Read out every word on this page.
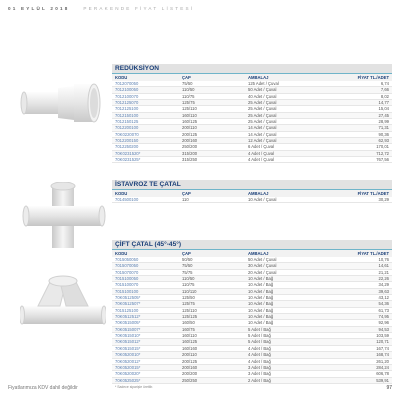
01 EYLÜL 2018	PERAKENDE FİYAT LİSTESİ
REDÜKSİYON
KODU	ÇAP	AMBALAJ	FİYAT TL./ADET
7012070050	75/50	125 Adet / Çuval	6,74
7012100050	110/50	50 Adet / Çuval	7,66
7012100070	110/75	40 Adet / Çuval	8,02
7012125070	125/75	25 Adet / Çuval	14,77
7012125100	125/110	25 Adet / Çuval	15,04
7012150100	160/110	25 Adet / Çuval	27,45
7012150125	160/125	25 Adet / Çuval	28,99
7012200100	200/110	14 Adet / Çuval	71,31
70K0220070	200/125	14 Adet / Çuval	90,36
7012200150	200/160	12 Adet / Çuval	62,93
7012250200	250/200	6 Adet / Çuval	170,01
70K0231520*	315/200	4 Adet / Çuval	712,72
70K0231525*	315/250	4 Adet / Çuval	767,56
İSTAVROZ TE ÇATAL
KODU	ÇAP	AMBALAJ	FİYAT TL./ADET
7014500100	110	10 Adet / Çuval	30,29
ÇİFT ÇATAL (45°-45°)
KODU	ÇAP	AMBALAJ	FİYAT TL./ADET
7015050050	50/50	50 Adet / Çuval	10,76
7015070050	75/50	30 Adet / Çuval	14,61
7015070070	75/75	20 Adet / Çuval	21,21
7015100050	110/50	10 Adet / Bağ	22,26
7015100070	110/75	10 Adet / Bağ	34,29
7015100100	110/110	10 Adet / Bağ	39,63
70K0512505*	125/50	10 Adet / Bağ	43,12
70K0512507*	125/75	10 Adet / Bağ	54,36
7015125100	125/110	10 Adet / Bağ	61,73
70K0512512*	125/125	10 Adet / Bağ	74,95
70K0515005*	160/50	10 Adet / Bağ	92,96
70K0515007*	160/75	5 Adet / Bağ	94,53
70K0515010*	160/110	5 Adet / Bağ	103,59
70K0515012*	160/125	5 Adet / Bağ	120,71
70K0515015*	160/160	4 Adet / Bağ	167,74
70K0520010*	200/110	4 Adet / Bağ	168,74
70K0520012*	200/125	4 Adet / Bağ	261,20
70K0520015*	200/160	3 Adet / Bağ	284,24
70K0520020*	200/200	3 Adet / Bağ	606,78
70K0525025*	250/250	2 Adet / Bağ	539,91
* Sadece siparişle üretilir.
Fiyatlarımıza KDV dahil değildir	97
